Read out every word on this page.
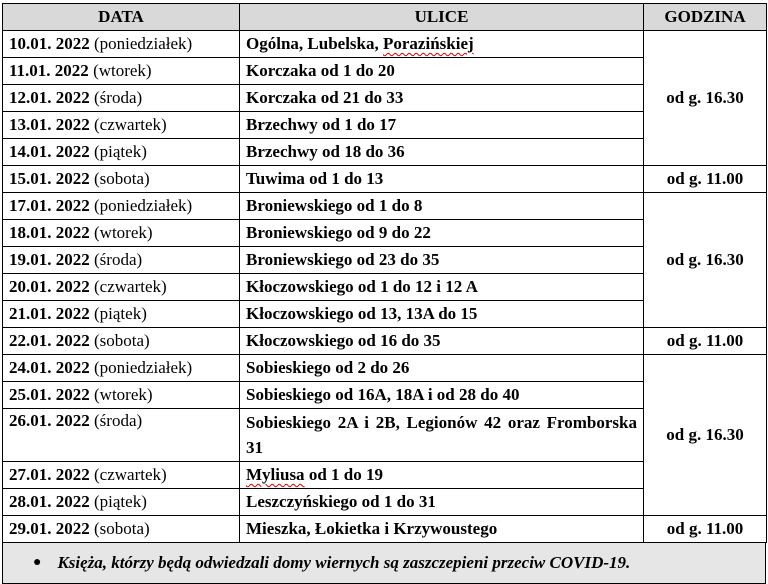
DATA	ULICE	GODZINA
10.01. 2022 (poniedziałek)	Ogólna, Lubelska, Porazińskiej	od g. 16.30
11.01. 2022 (wtorek)	Korczaka od 1 do 20	
12.01. 2022 (środa)	Korczaka od 21 do 33	
13.01. 2022 (czwartek)	Brzechwy od 1 do 17	
14.01. 2022 (piątek)	Brzechwy od 18 do 36	
15.01. 2022 (sobota)	Tuwima od 1 do 13	od g. 11.00
17.01. 2022 (poniedziałek)	Broniewskiego od 1 do 8	od g. 16.30
18.01. 2022 (wtorek)	Broniewskiego od 9 do 22	
19.01. 2022 (środa)	Broniewskiego od 23 do 35	
20.01. 2022 (czwartek)	Kłoczowskiego od 1 do 12 i 12 A	
21.01. 2022 (piątek)	Kłoczowskiego od 13, 13A do 15	
22.01. 2022 (sobota)	Kłoczowskiego od 16 do 35	od g. 11.00
24.01. 2022 (poniedziałek)	Sobieskiego od 2 do 26	od g. 16.30
25.01. 2022 (wtorek)	Sobieskiego od 16A, 18A i od 28 do 40	
26.01. 2022 (środa)	Sobieskiego 2A i 2B, Legionów 42 oraz Fromborska 31	
27.01. 2022 (czwartek)	Myliusa od 1 do 19	
28.01. 2022 (piątek)	Leszczyńskiego od 1 do 31	
29.01. 2022 (sobota)	Mieszka, Łokietka i Krzywoustego	od g. 11.00
● Księża, którzy będą odwiedzali domy wiernych są zaszczepieni przeciw COVID-19.
